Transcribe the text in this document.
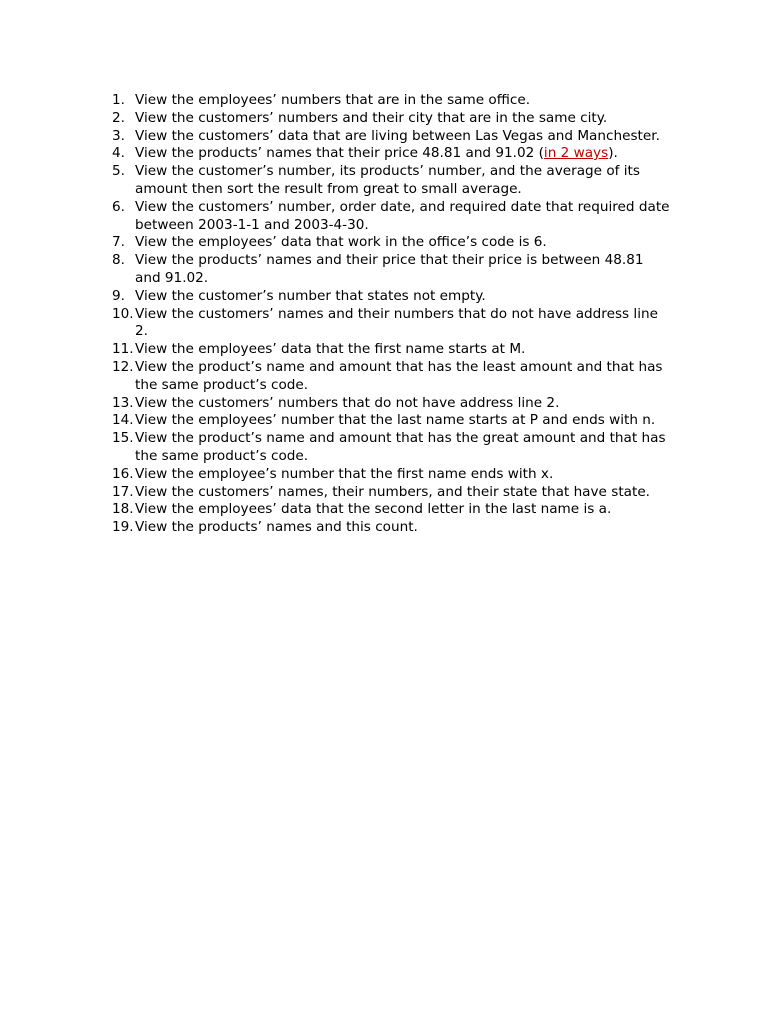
1. View the employees’ numbers that are in the same office.
2. View the customers’ numbers and their city that are in the same city.
3. View the customers’ data that are living between Las Vegas and Manchester.
4. View the products’ names that their price 48.81 and 91.02 (in 2 ways).
5. View the customer’s number, its products’ number, and the average of its amount then sort the result from great to small average.
6. View the customers’ number, order date, and required date that required date between 2003-1-1 and 2003-4-30.
7. View the employees’ data that work in the office’s code is 6.
8. View the products’ names and their price that their price is between 48.81 and 91.02.
9. View the customer’s number that states not empty.
10. View the customers’ names and their numbers that do not have address line 2.
11. View the employees’ data that the first name starts at M.
12. View the product’s name and amount that has the least amount and that has the same product’s code.
13. View the customers’ numbers that do not have address line 2.
14. View the employees’ number that the last name starts at P and ends with n.
15. View the product’s name and amount that has the great amount and that has the same product’s code.
16. View the employee’s number that the first name ends with x.
17. View the customers’ names, their numbers, and their state that have state.
18. View the employees’ data that the second letter in the last name is a.
19. View the products’ names and this count.
